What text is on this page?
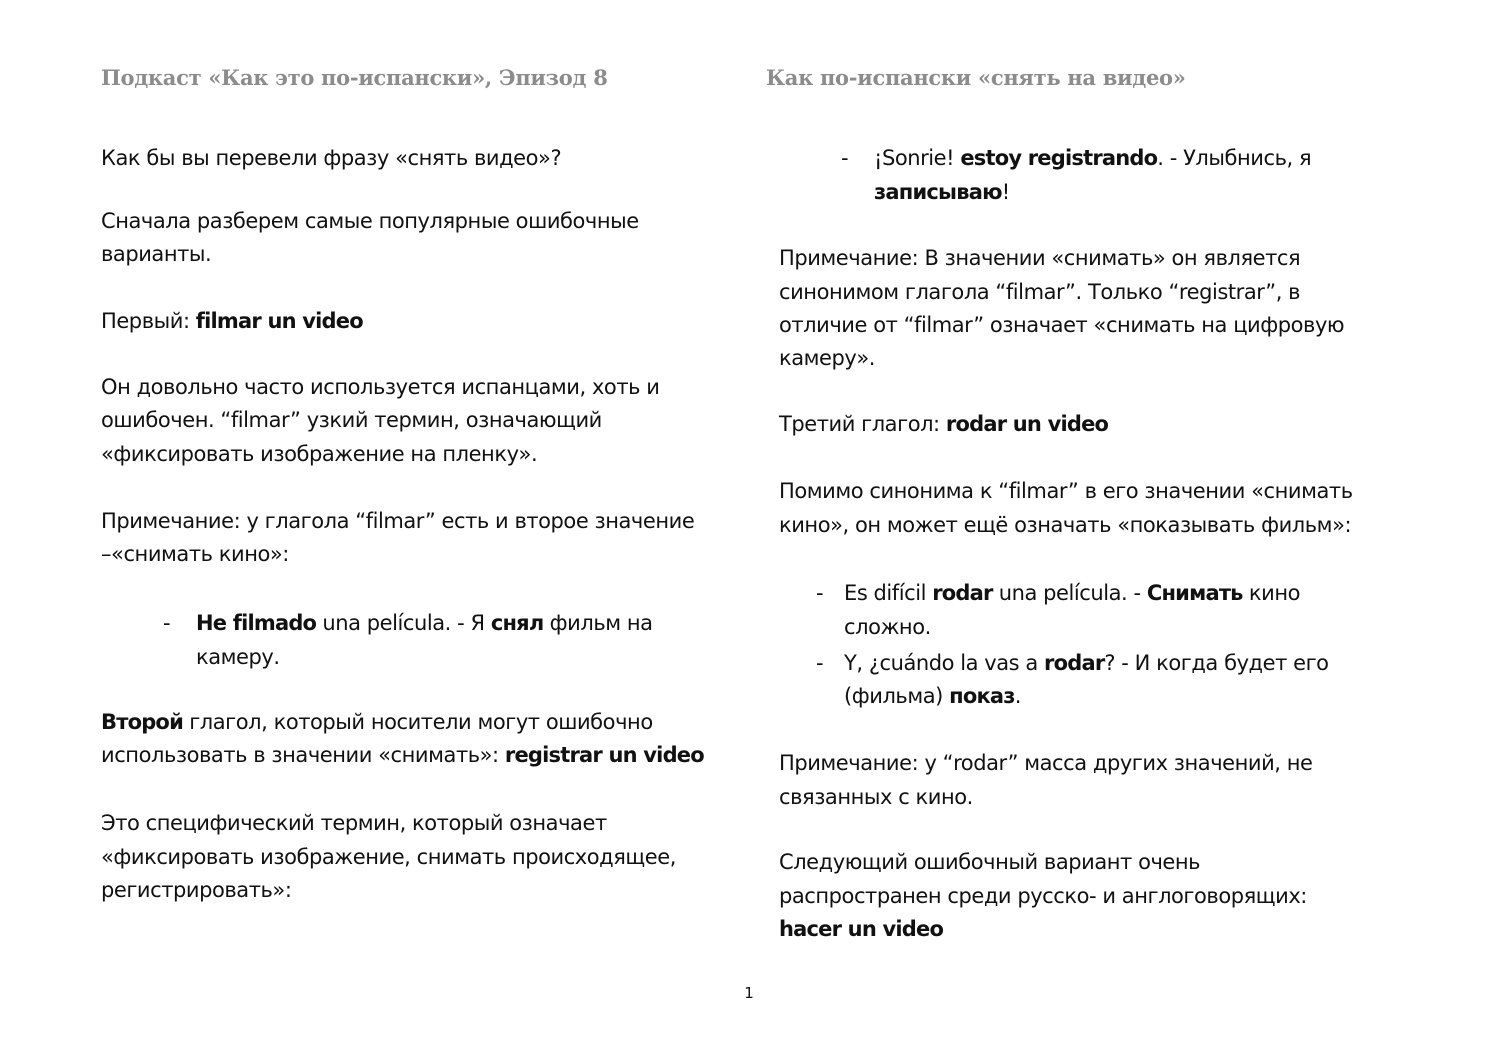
Подкаст «Как это по-испански», Эпизод 8
Как бы вы перевели фразу «снять видео»?
Сначала разберем самые популярные ошибочные
варианты.
Первый: filmar un video
Он довольно часто используется испанцами, хоть и
ошибочен. “filmar” узкий термин, означающий
«фиксировать изображение на пленку».
Примечание: у глагола “filmar” есть и второе значение
–«снимать кино»:
- He filmado una película. - Я снял фильм на
камеру.
Второй глагол, который носители могут ошибочно
использовать в значении «снимать»: registrar un video
Это специфический термин, который означает
«фиксировать изображение, снимать происходящее,
регистрировать»:
Как по-испански «снять на видео»
- ¡Sonrie! estoy registrando. - Улыбнись, я
записываю!
Примечание: В значении «снимать» он является
синонимом глагола “filmar”. Только “registrar”, в
отличие от “filmar” означает «снимать на цифровую
камеру».
Третий глагол: rodar un video
Помимо синонима к “filmar” в его значении «снимать
кино», он может ещё означать «показывать фильм»:
- Es difícil rodar una película. - Снимать кино
сложно.
- Y, ¿cuándo la vas a rodar? - И когда будет его
(фильма) показ.
Примечание: у “rodar” масса других значений, не
связанных с кино.
Следующий ошибочный вариант очень
распространен среди русско- и англоговорящих:
hacer un video
1
